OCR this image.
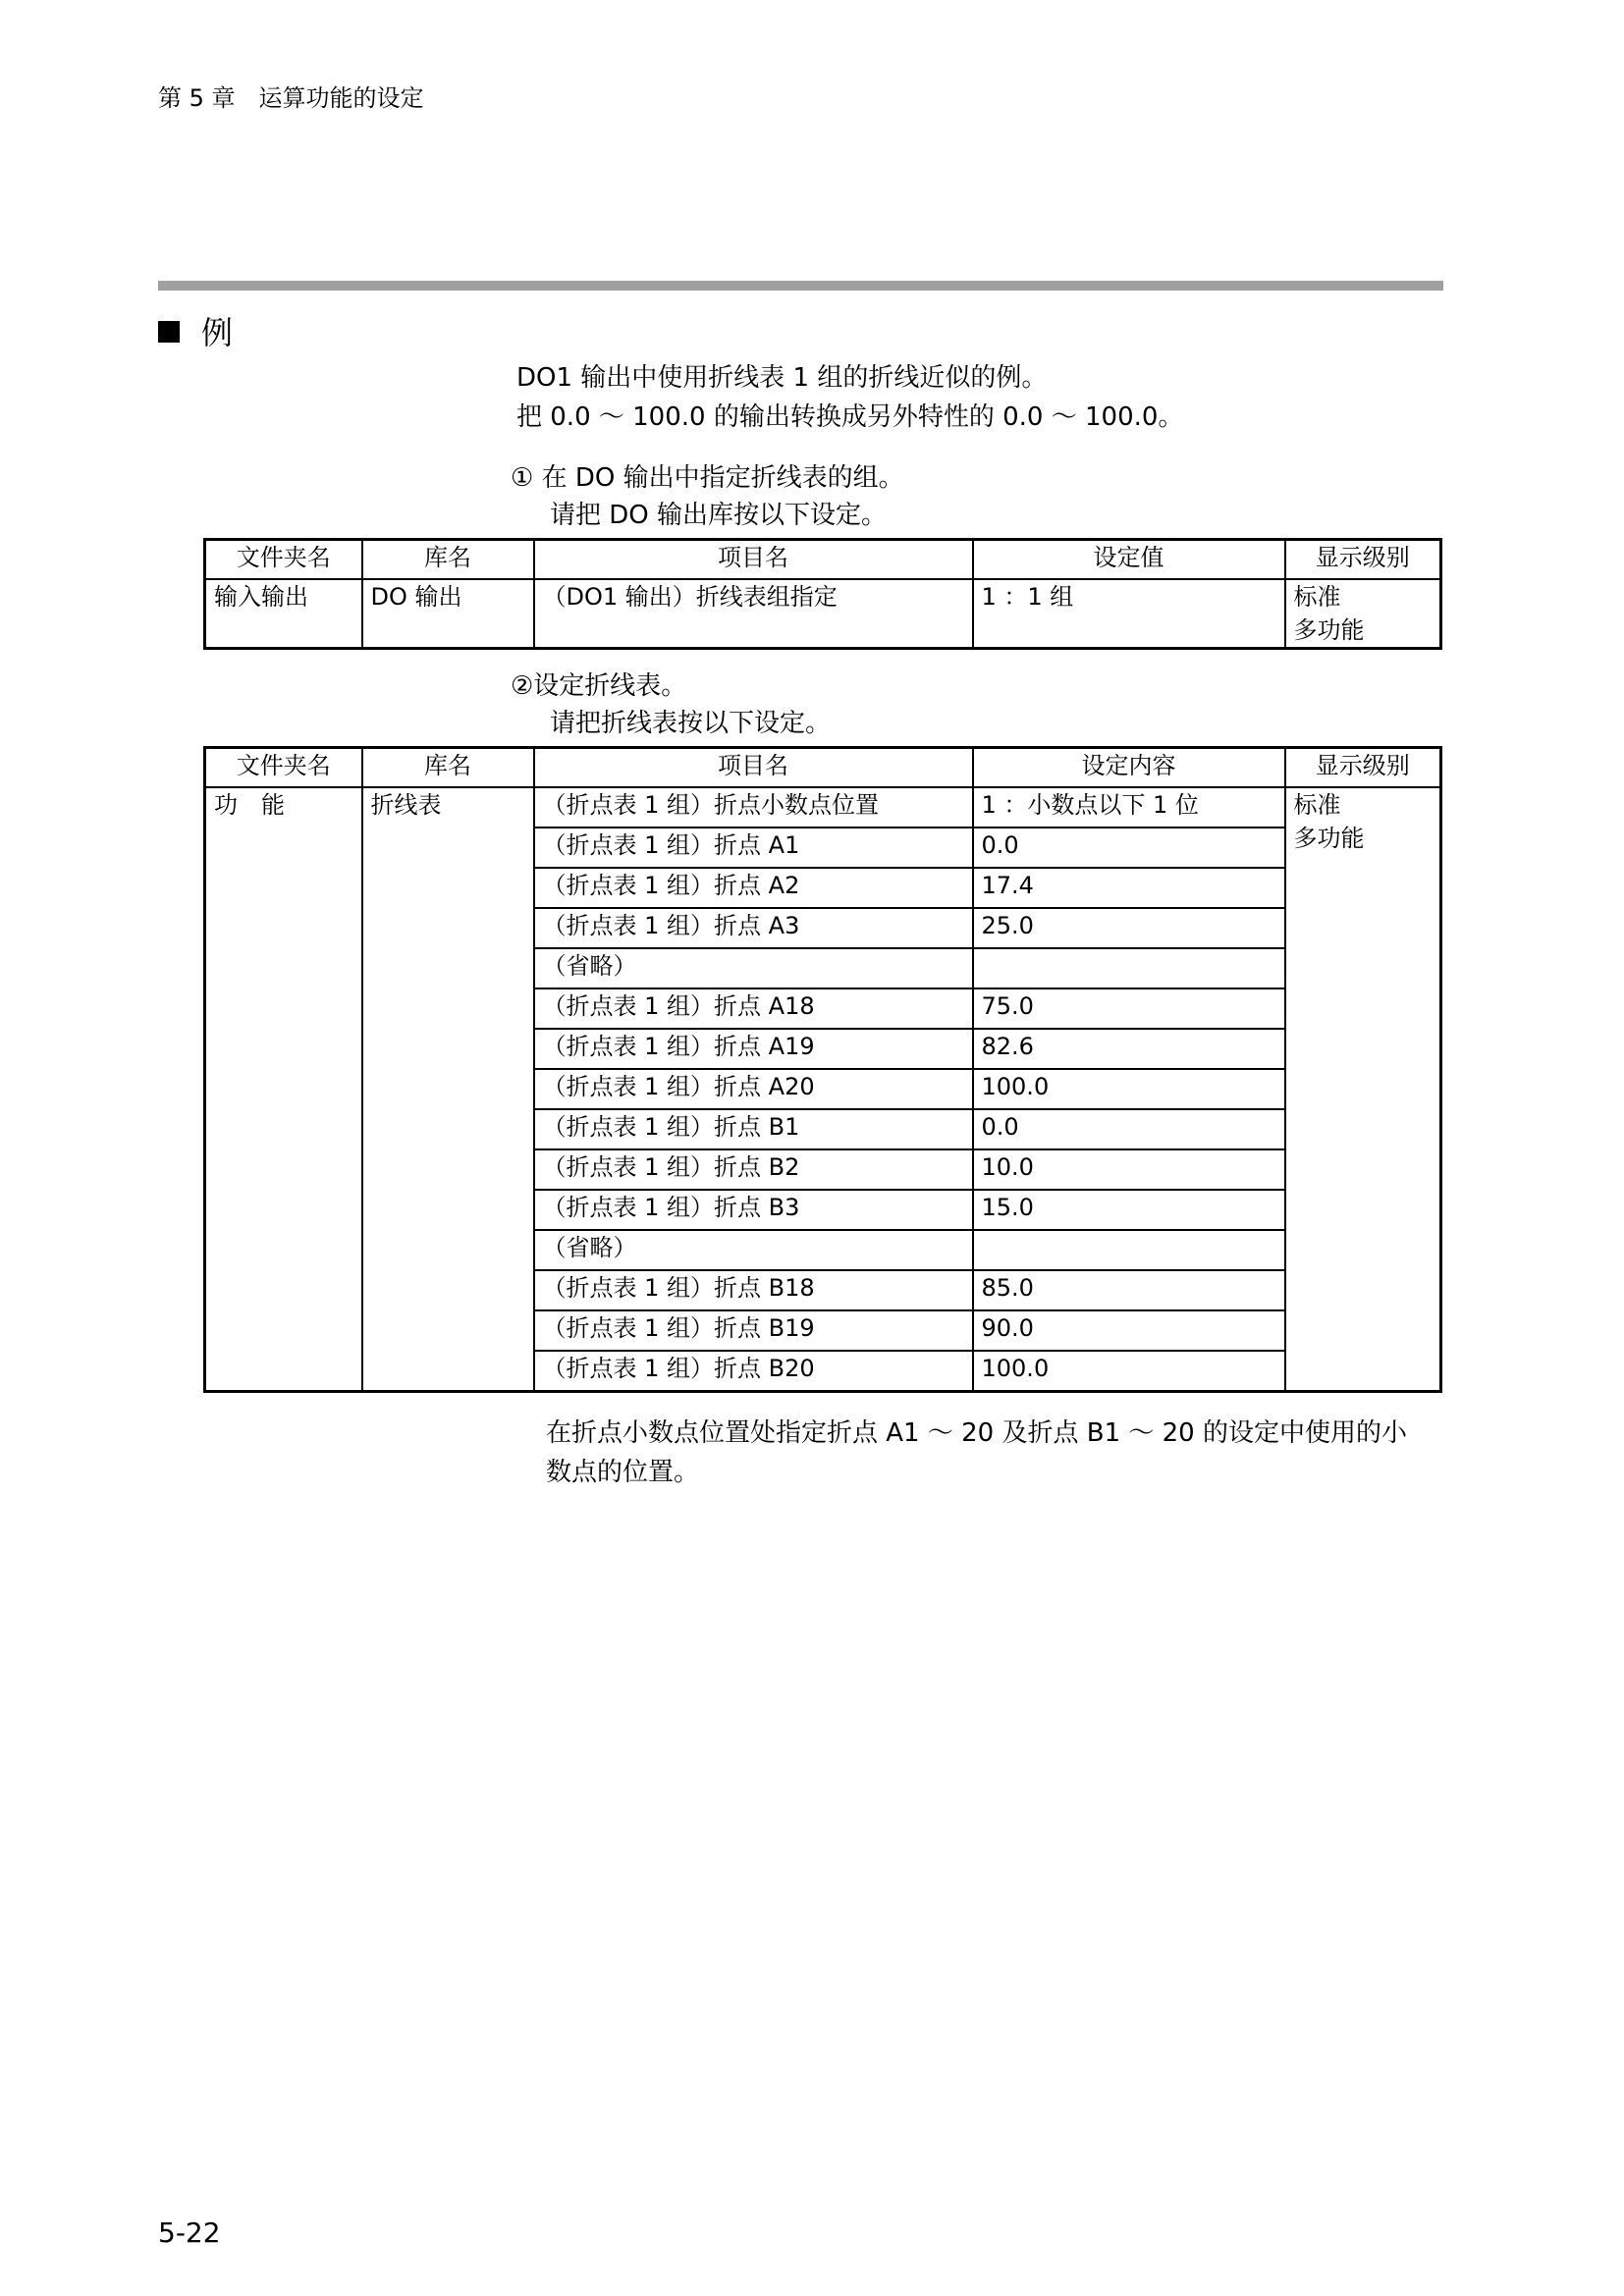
第 5 章　运算功能的设定
例
DO1 输出中使用折线表 1 组的折线近似的例。
把 0.0 ～ 100.0 的输出转换成另外特性的 0.0 ～ 100.0。
① 在 DO 输出中指定折线表的组。
请把 DO 输出库按以下设定。
文件夹名	库名	项目名	设定值	显示级别
输入输出	DO 输出	（DO1 输出）折线表组指定	1 ：1 组	标准
多功能
②设定折线表。
请把折线表按以下设定。
文件夹名	库名	项目名	设定内容	显示级别
功　能	折线表	（折点表 1 组）折点小数点位置	1 ：小数点以下 1 位	标准
多功能

		（折点表 1 组）折点 A1	0.0	
		（折点表 1 组）折点 A2	17.4	
		（折点表 1 组）折点 A3	25.0	
		（省略）		
		（折点表 1 组）折点 A18	75.0	
		（折点表 1 组）折点 A19	82.6	
		（折点表 1 组）折点 A20	100.0	
		（折点表 1 组）折点 B1	0.0	
		（折点表 1 组）折点 B2	10.0	
		（折点表 1 组）折点 B3	15.0	
		（省略）		
		（折点表 1 组）折点 B18	85.0	
		（折点表 1 组）折点 B19	90.0	
		（折点表 1 组）折点 B20	100.0	
在折点小数点位置处指定折点 A1 ～ 20 及折点 B1 ～ 20 的设定中使用的小
数点的位置。
5-22
